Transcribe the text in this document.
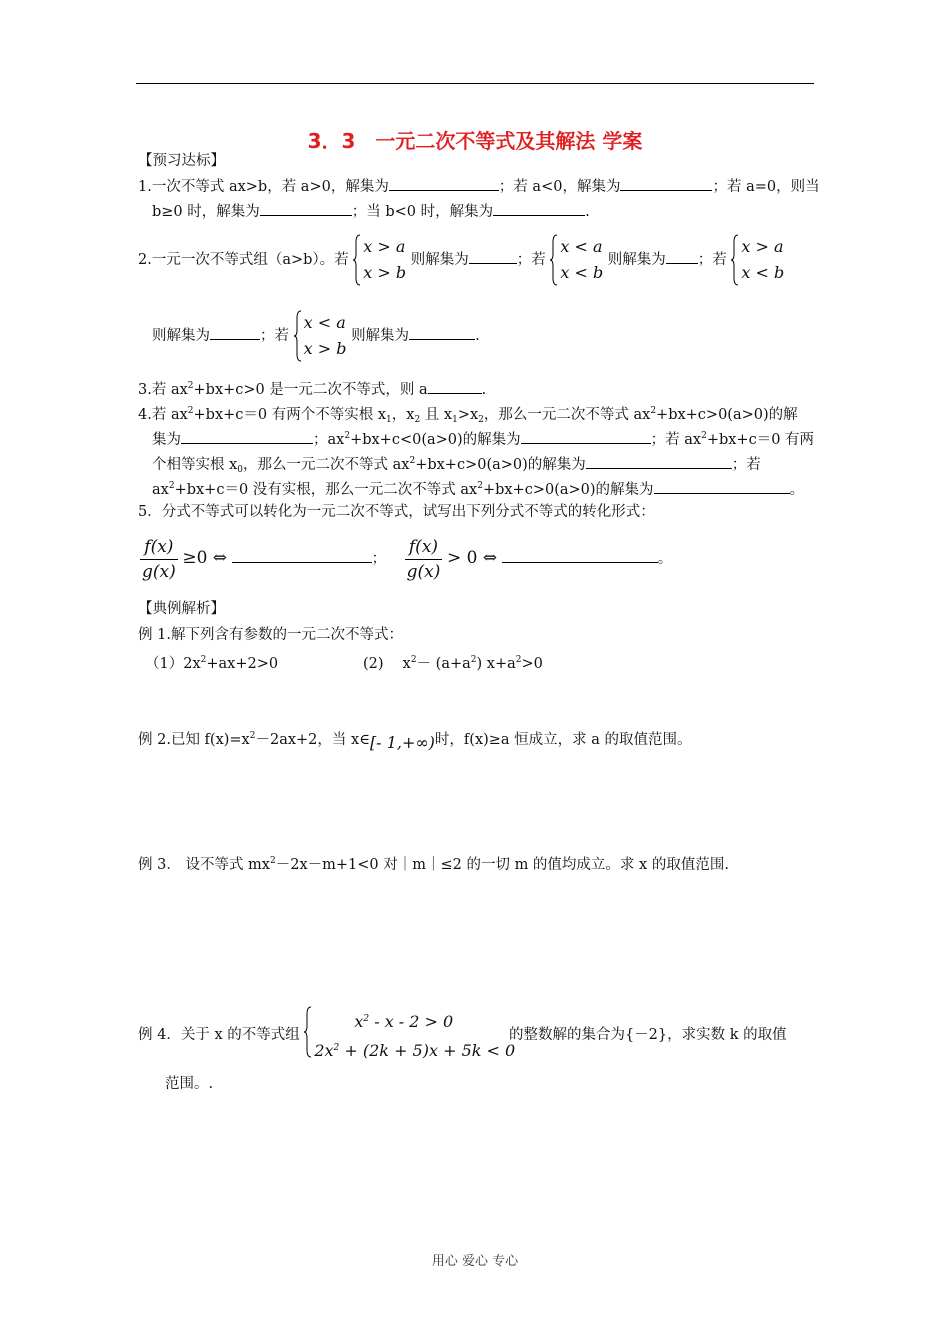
3．3　一元二次不等式及其解法 学案
【预习达标】
1.一次不等式 ax>b，若 a>0，解集为	；若 a<0，解集为	；若 a=0，则当
b≥0 时，解集为	；当 b<0 时，解集为	.
2.一元一次不等式组（a>b）。若
x > a
x > b
则解集为	；若
x < a
x < b
则解集为 ；若
x > a
x < b
则解集为	；若
x < a
x > b
则解集为	.
3.若 $ax^2+bx+c>0$ 是一元二次不等式，则 a	.
4.若 $ax^2+bx+c=0$ 有两个不等实根 $x_1$，$x_2$ 且 $x_1>x_2$，那么一元二次不等式 $ax^2+bx+c>0(a>0)$的解
集为	；$ax^2+bx+c<0(a>0)$的解集为	；若 $ax^2+bx+c=0$ 有两
个相等实根 $x_0$，那么一元二次不等式 $ax^2+bx+c>0(a>0)$的解集为	；若
$ax^2+bx+c=0$ 没有实根，那么一元二次不等式 $ax^2+bx+c>0(a>0)$的解集为	。
5．分式不等式可以转化为一元二次不等式，试写出下列分式不等式的转化形式：
$\frac{f(x)}{g(x)} \ge 0$ ⇔	； $\frac{f(x)}{g(x)} > 0$ ⇔	。
【典例解析】
例 1.解下列含有参数的一元二次不等式：
$(1)2x^2+ax+2>0$	(2)　 $x^2- (a+a^2)$ $x+a^2>0$
例 2.已知 $f(x)=x^2-2ax+2$，当 x∈[- 1,+∞)时，f(x)≥a 恒成立，求 a 的取值范围。
例 3． 设不等式 $mx^2-2x-m+1<0$ 对｜m｜≤2 的一切 m 的值均成立。求 x 的取值范围.
例 4．关于 x 的不等式组
$x^2 - x - 2 > 0$
$2x^2 + (2k + 5)x + 5k < 0$
的整数解的集合为{－2}，求实数 k 的取值
范围。.
用心 爱心 专心
